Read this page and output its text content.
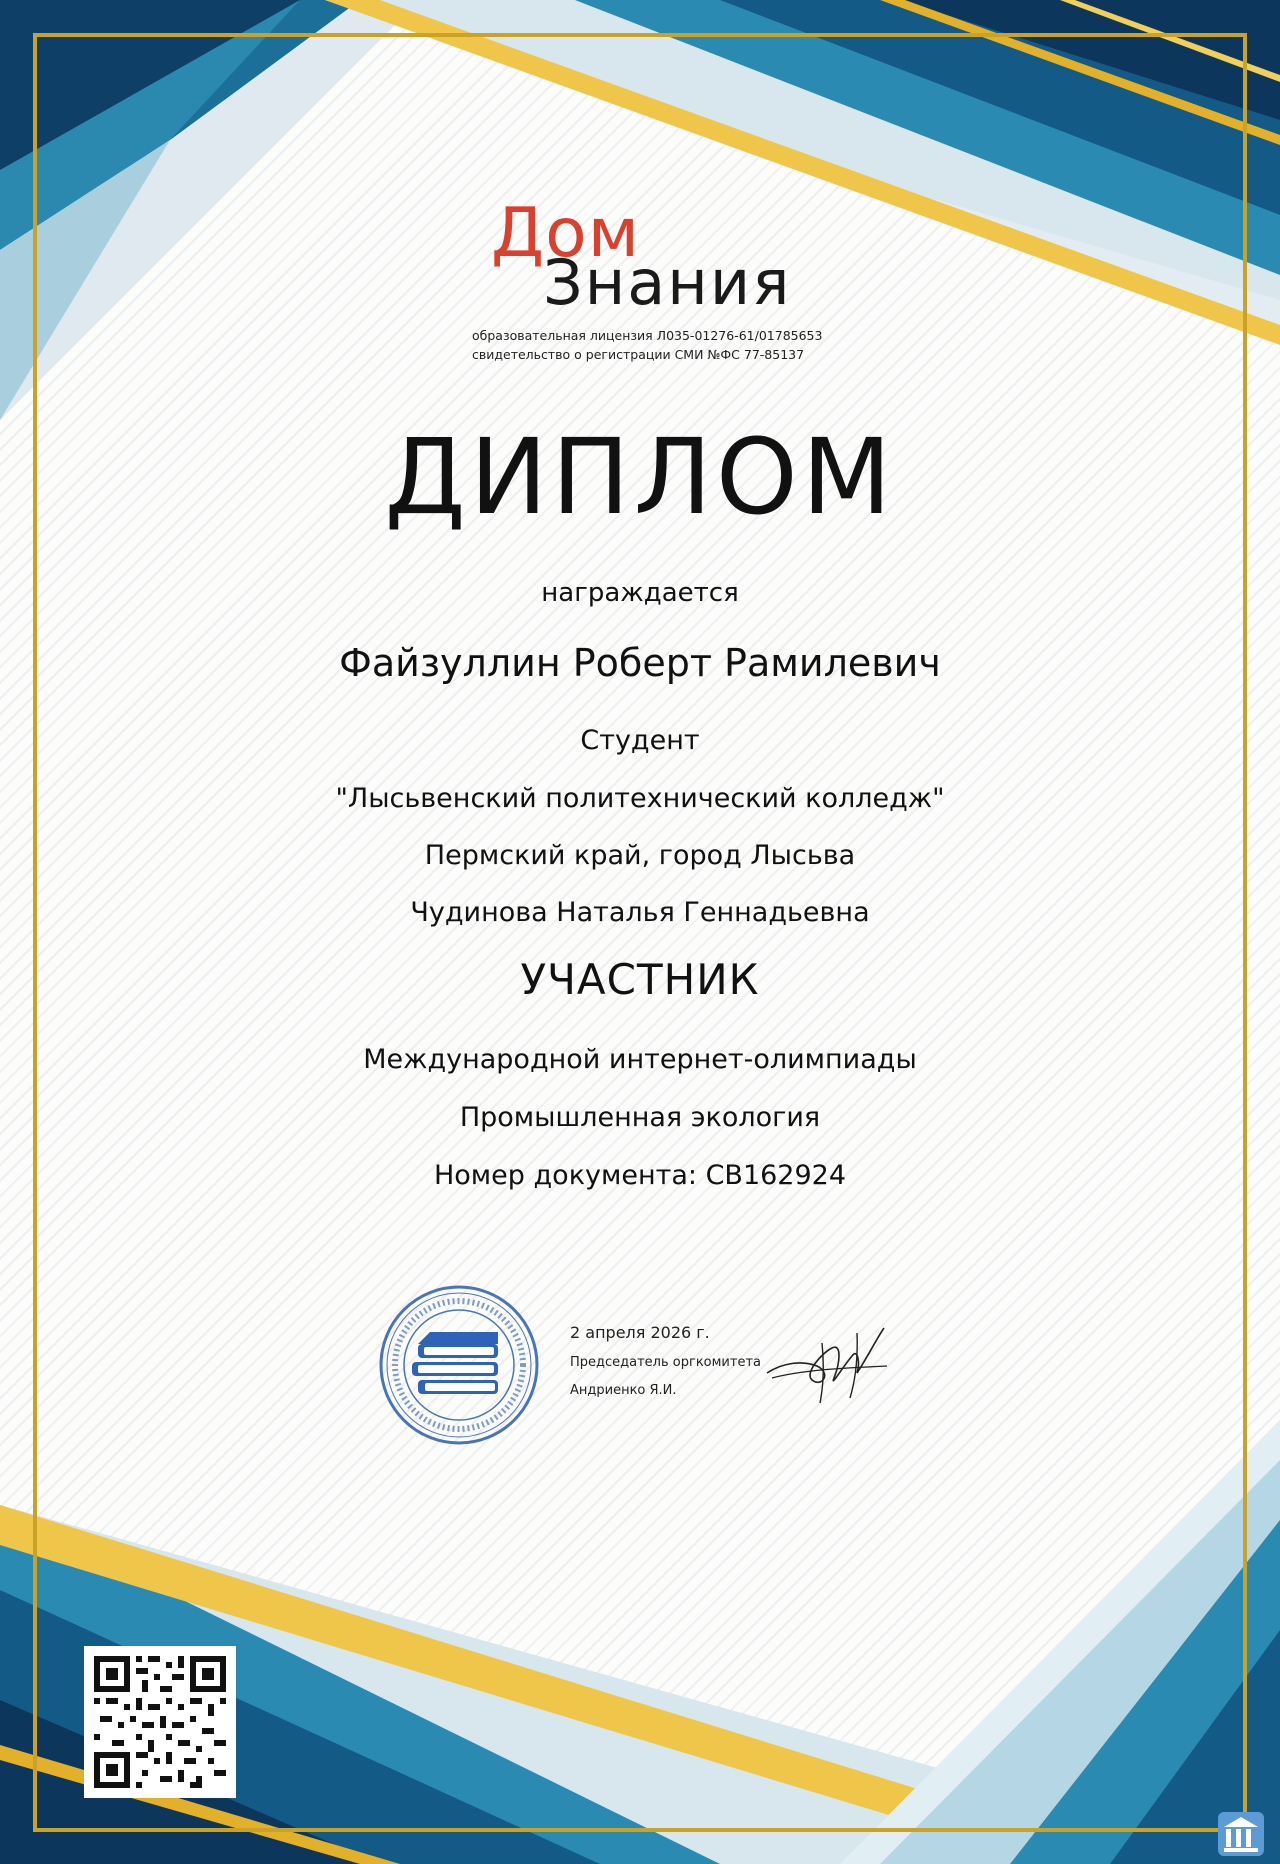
Дом
Знания
образовательная лицензия Л035-01276-61/01785653
свидетельство о регистрации СМИ №ФС 77-85137
ДИПЛОМ
награждается
Файзуллин Роберт Рамилевич
Студент
"Лысьвенский политехнический колледж"
Пермский край, город Лысьва
Чудинова Наталья Геннадьевна
УЧАСТНИК
Международной интернет-олимпиады
Промышленная экология
Номер документа: СВ162924
2 апреля 2026 г.
Председатель оргкомитета
Андриенко Я.И.
